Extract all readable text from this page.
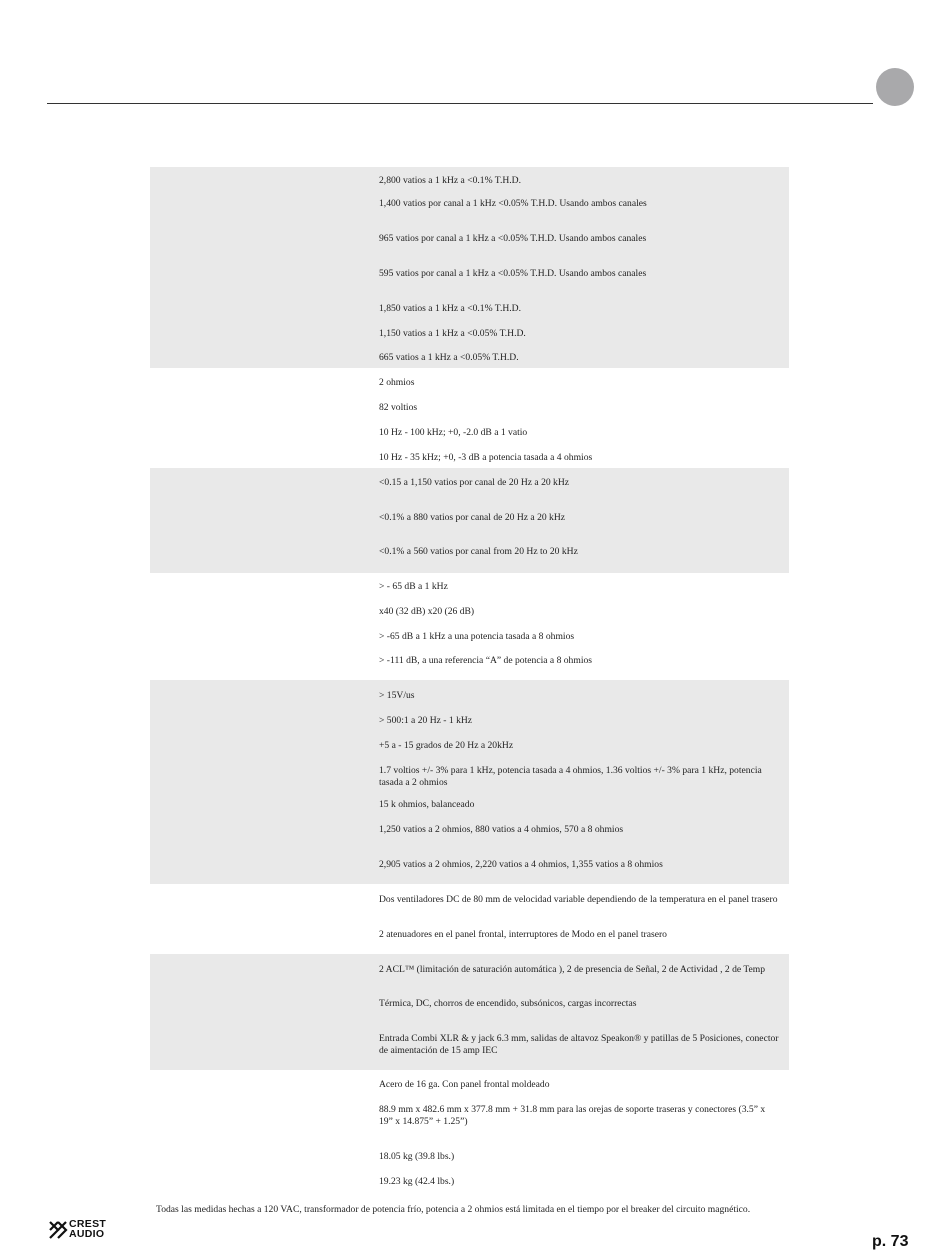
2,800 vatios a 1 kHz a <0.1% T.H.D.
1,400 vatios por canal a 1 kHz <0.05% T.H.D. Usando ambos canales
965 vatios por canal a 1 kHz a <0.05% T.H.D. Usando ambos canales
595 vatios por canal a 1 kHz a <0.05% T.H.D. Usando ambos canales
1,850 vatios a 1 kHz a <0.1% T.H.D.
1,150 vatios a 1 kHz a <0.05% T.H.D.
665 vatios a 1 kHz a <0.05% T.H.D.
2 ohmios
82 voltios
10 Hz - 100 kHz; +0, -2.0 dB a 1 vatio
10 Hz - 35 kHz; +0, -3 dB a potencia tasada a 4 ohmios
<0.15 a 1,150 vatios por canal de 20 Hz a 20 kHz
<0.1% a 880 vatios por canal de 20 Hz a 20 kHz
<0.1% a 560 vatios por canal from 20 Hz to 20 kHz
> - 65 dB a 1 kHz
x40 (32 dB) x20 (26 dB)
> -65 dB a 1 kHz a una potencia tasada a 8 ohmios
> -111 dB, a una referencia “A” de potencia a 8 ohmios
> 15V/us
> 500:1 a 20 Hz - 1 kHz
+5 a - 15 grados de 20 Hz a 20kHz
1.7 voltios +/- 3% para 1 kHz, potencia tasada a 4 ohmios, 1.36 voltios +/- 3% para 1 kHz, potencia tasada a 2 ohmios
15 k ohmios, balanceado
1,250 vatios a 2 ohmios, 880 vatios a 4 ohmios, 570 a 8 ohmios
2,905 vatios a 2 ohmios, 2,220 vatios a 4 ohmios, 1,355 vatios a 8 ohmios
Dos ventiladores DC de 80 mm de velocidad variable dependiendo de la temperatura en el panel trasero
2 atenuadores en el panel frontal, interruptores de Modo en el panel trasero
2 ACL™ (limitación de saturación automática ), 2 de presencia de Señal, 2 de Actividad , 2 de Temp
Térmica, DC, chorros de encendido, subsónicos, cargas incorrectas
Entrada Combi XLR & y jack 6.3 mm, salidas de altavoz Speakon® y patillas de 5 Posiciones, conector de aimentación de 15 amp IEC
Acero de 16 ga. Con panel frontal moldeado
88.9 mm x 482.6 mm x 377.8 mm + 31.8 mm para las orejas de soporte traseras y conectores (3.5” x 19” x 14.875” + 1.25”)
18.05 kg (39.8 lbs.)
19.23 kg (42.4 lbs.)
Todas las medidas hechas a 120 VAC, transformador de potencia frío, potencia a 2 ohmios está limitada en el tiempo por el breaker del circuito magnético.
CREST
AUDIO	p. 73
